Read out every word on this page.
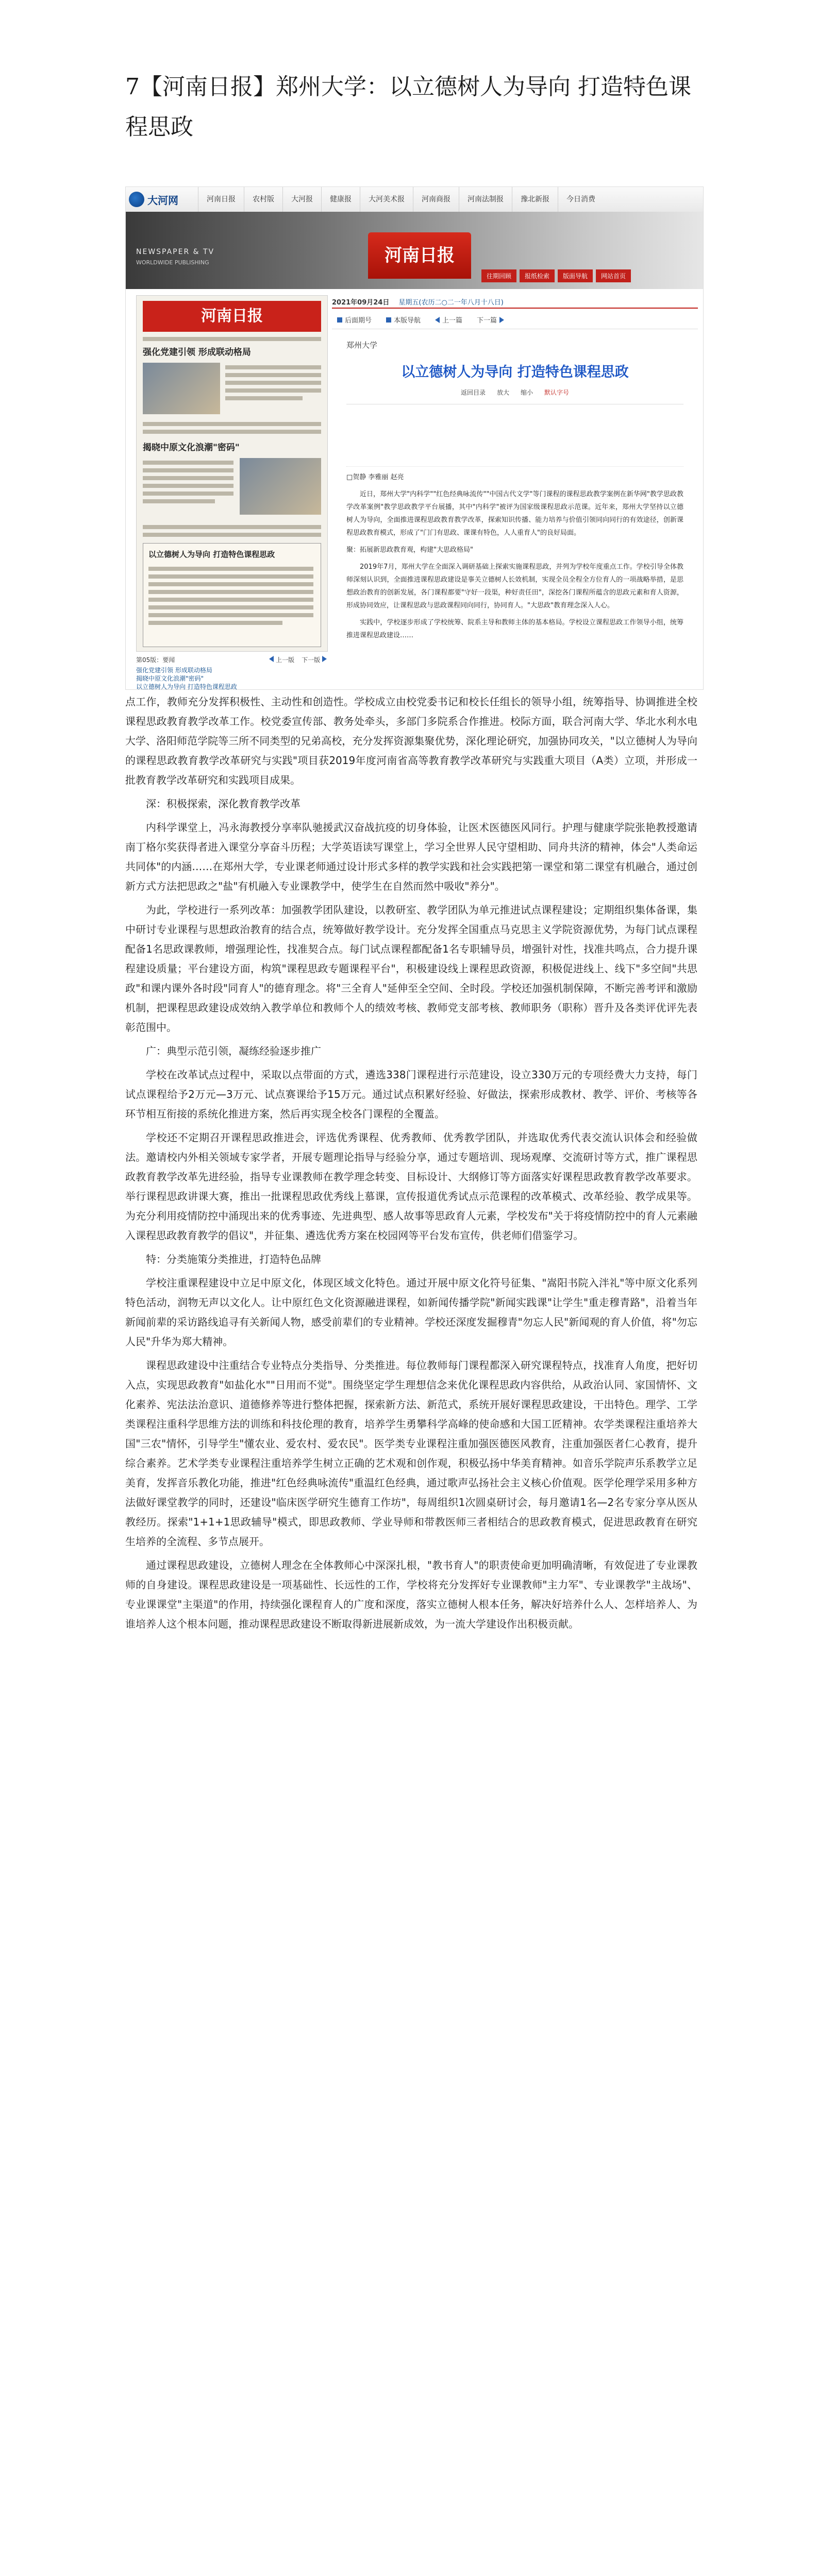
7【河南日报】郑州大学：以立德树人为导向 打造特色课程思政
大河网	河南日报	农村版	大河报	健康报	大河美术报	河南商报	河南法制报	豫北新报	今日消费
NEWSPAPER & TV
WORLDWIDE PUBLISHING	河南日报
往期回顾	报纸检索	版面导航	网站首页
河南日报
强化党建引领 形成联动格局
揭晓中原文化浪潮"密码"
以立德树人为导向 打造特色课程思政
第05版：要闻	上一版 下一版
强化党建引领 形成联动格局
揭晓中原文化浪潮"密码"
以立德树人为导向 打造特色课程思政
2021年09月24日 星期五(农历二○二一年八月十八日)
后面期号	本版导航	上一篇 下一篇
郑州大学
以立德树人为导向 打造特色课程思政
返回目录 放大 缩小 默认字号

□贺静 李雅丽 赵亮

近日，郑州大学"内科学""红色经典咏流传""中国古代文学"等门课程的课程思政教学案例在新华网"教学思政教学改革案例"教学思政教学平台展播，其中"内科学"被评为国家级课程思政示范课。近年来，郑州大学坚持以立德树人为导向，全面推进课程思政教育教学改革，探索知识传播、能力培养与价值引领同向同行的有效途径，创新课程思政教育模式，形成了"门门有思政、课课有特色，人人重育人"的良好局面。

聚：拓展新思政教育观，构建"大思政格局"

2019年7月，郑州大学在全面深入调研基础上探索实施课程思政，并列为学校年度重点工作。学校引导全体教师深刻认识到，全面推进课程思政建设是事关立德树人长效机制，实现全员全程全方位育人的一项战略举措，是思想政治教育的创新发展，各门课程都要"守好一段渠，种好责任田"，深挖各门课程所蕴含的思政元素和育人资源，形成协同效应，让课程思政与思政课程同向同行，协同育人。"大思政"教育理念深入人心。

实践中，学校逐步形成了学校统筹、院系主导和教师主体的基本格局。学校设立课程思政工作领导小组，统筹推进课程思政建设……

点工作，教师充分发挥积极性、主动性和创造性。学校成立由校党委书记和校长任组长的领导小组，统筹指导、协调推进全校课程思政教育教学改革工作。校党委宣传部、教务处牵头，多部门多院系合作推进。校际方面，联合河南大学、华北水利水电大学、洛阳师范学院等三所不同类型的兄弟高校，充分发挥资源集聚优势，深化理论研究，加强协同攻关，"以立德树人为导向的课程思政教育教学改革研究与实践"项目获2019年度河南省高等教育教学改革研究与实践重大项目（A类）立项，并形成一批教育教学改革研究和实践项目成果。

深：积极探索，深化教育教学改革

内科学课堂上，冯永海教授分享率队驰援武汉奋战抗疫的切身体验，让医术医德医风同行。护理与健康学院张艳教授邀请南丁格尔奖获得者进入课堂分享奋斗历程；大学英语读写课堂上，学习全世界人民守望相助、同舟共济的精神，体会"人类命运共同体"的内涵……在郑州大学，专业课老师通过设计形式多样的教学实践和社会实践把第一课堂和第二课堂有机融合，通过创新方式方法把思政之"盐"有机融入专业课教学中，使学生在自然而然中吸收"养分"。

为此，学校进行一系列改革：加强教学团队建设，以教研室、教学团队为单元推进试点课程建设；定期组织集体备课，集中研讨专业课程与思想政治教育的结合点，统筹做好教学设计。充分发挥全国重点马克思主义学院资源优势，为每门试点课程配备1名思政课教师，增强理论性，找准契合点。每门试点课程都配备1名专职辅导员，增强针对性，找准共鸣点，合力提升课程建设质量；平台建设方面，构筑"课程思政专题课程平台"，积极建设线上课程思政资源，积极促进线上、线下"多空间"共思政"和课内课外各时段"同育人"的德育理念。将"三全育人"延伸至全空间、全时段。学校还加强机制保障，不断完善考评和激励机制，把课程思政建设成效纳入教学单位和教师个人的绩效考核、教师党支部考核、教师职务（职称）晋升及各类评优评先表彰范围中。

广：典型示范引领，凝练经验逐步推广

学校在改革试点过程中，采取以点带面的方式，遴选338门课程进行示范建设，设立330万元的专项经费大力支持，每门试点课程给予2万元—3万元、试点赛课给予15万元。通过试点积累好经验、好做法，探索形成教材、教学、评价、考核等各环节相互衔接的系统化推进方案，然后再实现全校各门课程的全覆盖。

学校还不定期召开课程思政推进会，评选优秀课程、优秀教师、优秀教学团队，并选取优秀代表交流认识体会和经验做法。邀请校内外相关领域专家学者，开展专题理论指导与经验分享，通过专题培训、现场观摩、交流研讨等方式，推广课程思政教育教学改革先进经验，指导专业课教师在教学理念转变、目标设计、大纲修订等方面落实好课程思政教育教学改革要求。举行课程思政讲课大赛，推出一批课程思政优秀线上慕课，宣传报道优秀试点示范课程的改革模式、改革经验、教学成果等。为充分利用疫情防控中涌现出来的优秀事迹、先进典型、感人故事等思政育人元素，学校发布"关于将疫情防控中的育人元素融入课程思政教育教学的倡议"，并征集、遴选优秀方案在校园网等平台发布宣传，供老师们借鉴学习。

特：分类施策分类推进，打造特色品牌

学校注重课程建设中立足中原文化，体现区域文化特色。通过开展中原文化符号征集、"嵩阳书院入泮礼"等中原文化系列特色活动，润物无声以文化人。让中原红色文化资源融进课程，如新闻传播学院"新闻实践课"让学生"重走穆青路"，沿着当年新闻前辈的采访路线追寻有关新闻人物，感受前辈们的专业精神。学校还深度发掘穆青"勿忘人民"新闻观的育人价值，将"勿忘人民"升华为郑大精神。

课程思政建设中注重结合专业特点分类指导、分类推进。每位教师每门课程都深入研究课程特点，找准育人角度，把好切入点，实现思政教育"如盐化水""日用而不觉"。围绕坚定学生理想信念来优化课程思政内容供给，从政治认同、家国情怀、文化素养、宪法法治意识、道德修养等进行整体把握，探索新方法、新范式，系统开展好课程思政建设，干出特色。理学、工学类课程注重科学思维方法的训练和科技伦理的教育，培养学生勇攀科学高峰的使命感和大国工匠精神。农学类课程注重培养大国"三农"情怀，引导学生"懂农业、爱农村、爱农民"。医学类专业课程注重加强医德医风教育，注重加强医者仁心教育，提升综合素养。艺术学类专业课程注重培养学生树立正确的艺术观和创作观，积极弘扬中华美育精神。如音乐学院声乐系教学立足美育，发挥音乐教化功能，推进"红色经典咏流传"重温红色经典，通过歌声弘扬社会主义核心价值观。医学伦理学采用多种方法做好课堂教学的同时，还建设"临床医学研究生德育工作坊"，每周组织1次圆桌研讨会，每月邀请1名—2名专家分享从医从教经历。探索"1+1+1思政辅导"模式，即思政教师、学业导师和带教医师三者相结合的思政教育模式，促进思政教育在研究生培养的全流程、多节点展开。

通过课程思政建设，立德树人理念在全体教师心中深深扎根，"教书育人"的职责使命更加明确清晰，有效促进了专业课教师的自身建设。课程思政建设是一项基础性、长远性的工作，学校将充分发挥好专业课教师"主力军"、专业课教学"主战场"、专业课课堂"主渠道"的作用，持续强化课程育人的广度和深度，落实立德树人根本任务，解决好培养什么人、怎样培养人、为谁培养人这个根本问题，推动课程思政建设不断取得新进展新成效，为一流大学建设作出积极贡献。
